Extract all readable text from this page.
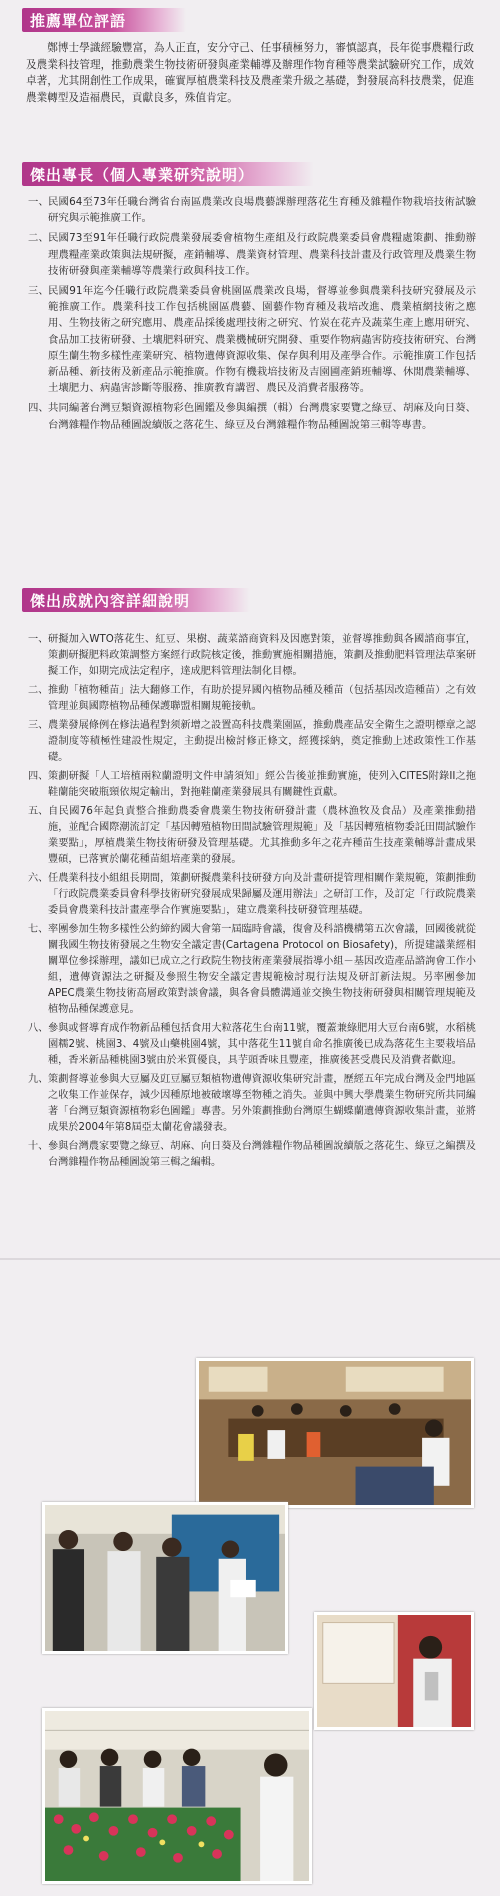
推薦單位評語
鄭博士學識經驗豐富，為人正直，安分守己、任事積極努力，審慎認真，長年從事農糧行政及農業科技管理，推動農業生物技術研發與產業輔導及辦理作物育種等農業試驗研究工作，成效卓著，尤其開創性工作成果，確實厚植農業科技及農產業升級之基礎，對發展高科技農業，促進農業轉型及造福農民，貢獻良多，殊值肯定。
傑出專長（個人專業研究說明）
一、 民國64至73年任職台灣省台南區農業改良場農藝課辦理落花生育種及雜糧作物栽培技術試驗研究與示範推廣工作。
二、 民國73至91年任職行政院農業發展委會植物生產組及行政院農業委員會農糧處策劃、推動辦理農糧產業政策與法規研擬，產銷輔導、農業資材管理、農業科技計畫及行政管理及農業生物技術研發與產業輔導等農業行政與科技工作。
三、 民國91年迄今任職行政院農業委員會桃園區農業改良場，督導並參與農業科技研究發展及示範推廣工作。農業科技工作包括桃園區農藝、園藝作物育種及栽培改進、農業植網技術之應用、生物技術之研究應用、農產品採後處理技術之研究、竹炭在花卉及蔬菜生產上應用研究、食品加工技術研發、土壤肥料研究、農業機械研究開發、重要作物病蟲害防疫技術研究、台灣原生蘭生物多樣性產業研究、植物遺傳資源收集、保存與利用及產學合作。示範推廣工作包括新品種、新技術及新產品示範推廣。作物有機栽培技術及吉園圃產銷班輔導、休閒農業輔導、土壤肥力、病蟲害診斷等服務、推廣教育講習、農民及消費者服務等。
四、 共同編著台灣豆類資源植物彩色圖鑑及參與編撰（輯）台灣農家要覽之綠豆、胡麻及向日葵、台灣雜糧作物品種圖說續版之落花生、綠豆及台灣雜糧作物品種圖說第三輯等專書。
傑出成就內容詳細說明
一、 研擬加入WTO落花生、紅豆、果樹、蔬菜諮商資料及因應對策，並督導推動與各國諮商事宜，策劃研擬肥料政策調整方案經行政院核定後，推動實施相關措施，策劃及推動肥料管理法草案研擬工作，如期完成法定程序，達成肥料管理法制化目標。
二、 推動「植物種苗」法大翻修工作，有助於提昇國內植物品種及種苗（包括基因改造種苗）之有效管理並與國際植物品種保護聯盟相關規範接軌。
三、 農業發展條例在修法過程對须新增之設置高科技農業園區，推動農產品安全衛生之證明標章之認證制度等積極性建設性規定，主動提出檢討修正條文，經獲採納，奠定推動上述政策性工作基礎。
四、 策劃研擬「人工培植兩粒蘭證明文件申請須知」經公告後並推動實施，使列入CITES附錄II之拖鞋蘭能突破瓶頸依規定輸出，對拖鞋蘭產業發展具有關鍵性貢獻。
五、 自民國76年起負責整合推動農委會農業生物技術研發計畫（農林漁牧及食品）及產業推動措施，並配合國際潮流訂定「基因轉殖植物田間試驗管理規範」及「基因轉殖植物委託田間試驗作業要點」，厚植農業生物技術研發及管理基礎。尤其推動多年之花卉種苗生技產業輔導計畫成果豐碩，已落實於蘭花種苗組培產業的發展。
六、 任農業科技小組組長期間，策劃研擬農業科技研發方向及計畫研提管理相關作業規範，策劃推動「行政院農業委員會科學技術研究發展成果歸屬及運用辦法」之研訂工作，及訂定「行政院農業委員會農業科技計畫產學合作實施要點」，建立農業科技研發管理基礎。
七、 率團參加生物多樣性公約締約國大會第一屆臨時會議，復會及科諮機構第五次會議，回國後就從關我國生物技術發展之生物安全議定書(Cartagena Protocol on Biosafety)，所提建議業經相關單位參採辦理，議如已成立之行政院生物技術產業發展指導小組－基因改造產品諮詢會工作小組，遺傳資源法之研擬及參照生物安全議定書規範檢討現行法規及研訂新法規。另率團參加APEC農業生物技術高層政策對談會議，與各會員體溝通並交換生物技術研發與相關管理規範及植物品種保護意見。
八、 參與或督導育成作物新品種包括食用大粒落花生台南11號，覆蓋兼綠肥用大豆台南6號，水稻桃園糯2號、桃園3、4號及山藥桃園4號，其中落花生11號自命名推廣後已成為落花生主要栽培品種，香米新品種桃園3號由於米質優良，具芋頭香味且豐產，推廣後甚受農民及消費者歡迎。
九、 策劃督導並參與大豆屬及豇豆屬豆類植物遺傳資源收集研究計畫，歷經五年完成台灣及金門地區之收集工作並保存，減少因種原地被破壞導至物種之消失。並與中興大學農業生物研究所共同編著「台灣豆類資源植物彩色圖鑑」專書。另外策劃推動台灣原生蝴蝶蘭遺傳資源收集計畫，並將成果於2004年第8屆亞太蘭花會議發表。
十、 參與台灣農家要覽之綠豆、胡麻、向日葵及台灣雜糧作物品種圖說續版之落花生、綠豆之編撰及台灣雜糧作物品種圖說第三輯之編輯。
